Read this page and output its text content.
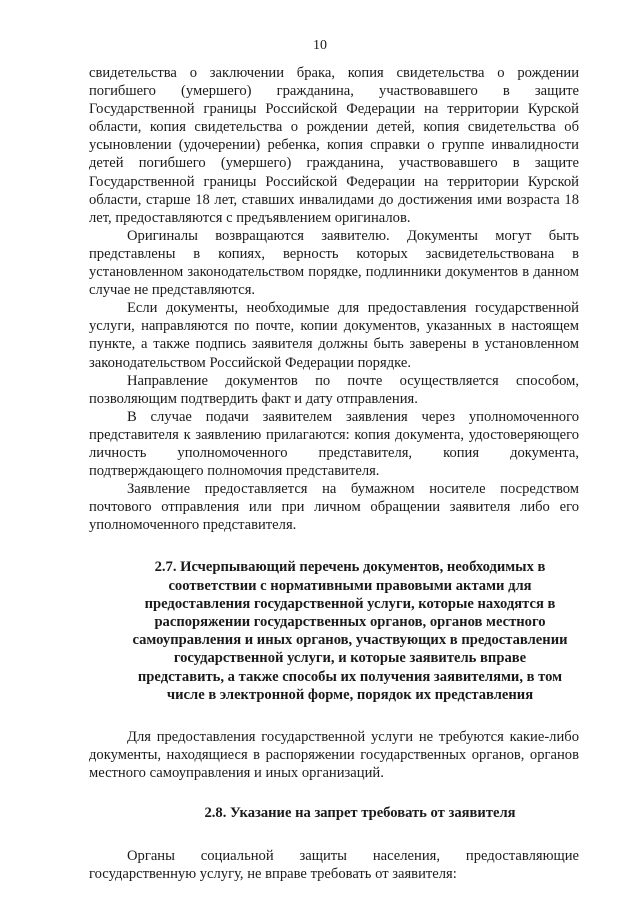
10

свидетельства о заключении брака, копия свидетельства о рождении погибшего (умершего) гражданина, участвовавшего в защите Государственной границы Российской Федерации на территории Курской области, копия свидетельства о рождении детей, копия свидетельства об усыновлении (удочерении) ребенка, копия справки о группе инвалидности детей погибшего (умершего) гражданина, участвовавшего в защите Государственной границы Российской Федерации на территории Курской области, старше 18 лет, ставших инвалидами до достижения ими возраста 18 лет, предоставляются с предъявлением оригиналов.

Оригиналы возвращаются заявителю. Документы могут быть представлены в копиях, верность которых засвидетельствована в установленном законодательством порядке, подлинники документов в данном случае не представляются.

Если документы, необходимые для предоставления государственной услуги, направляются по почте, копии документов, указанных в настоящем пункте, а также подпись заявителя должны быть заверены в установленном законодательством Российской Федерации порядке.

Направление документов по почте осуществляется способом, позволяющим подтвердить факт и дату отправления.

В случае подачи заявителем заявления через уполномоченного представителя к заявлению прилагаются: копия документа, удостоверяющего личность уполномоченного представителя, копия документа, подтверждающего полномочия представителя.

Заявление предоставляется на бумажном носителе посредством почтового отправления или при личном обращении заявителя либо его уполномоченного представителя.

2.7. Исчерпывающий перечень документов, необходимых в соответствии с нормативными правовыми актами для предоставления государственной услуги, которые находятся в распоряжении государственных органов, органов местного самоуправления и иных органов, участвующих в предоставлении государственной услуги, и которые заявитель вправе представить, а также способы их получения заявителями, в том числе в электронной форме, порядок их представления

Для предоставления государственной услуги не требуются какие-либо документы, находящиеся в распоряжении государственных органов, органов местного самоуправления и иных организаций.

2.8. Указание на запрет требовать от заявителя

Органы социальной защиты населения, предоставляющие государственную услугу, не вправе требовать от заявителя:
